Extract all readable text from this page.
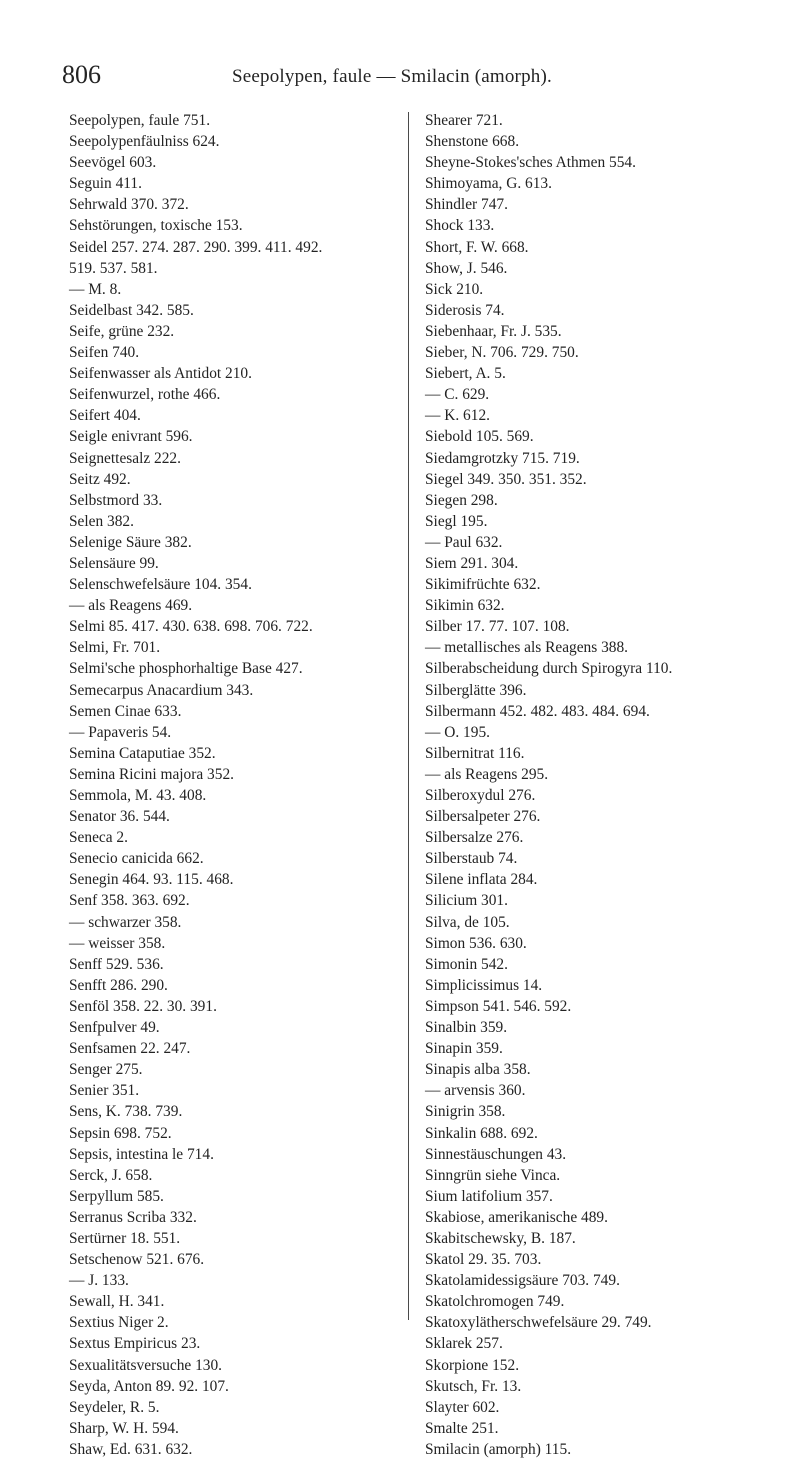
806	Seepolypen, faule — Smilacin (amorph).
Seepolypen, faule 751.
Seepolypenfäulniss 624.
Seevögel 603.
Seguin 411.
Sehrwald 370. 372.
Sehstörungen, toxische 153.
Seidel 257. 274. 287. 290. 399. 411. 492.
519. 537. 581.
— M. 8.
Seidelbast 342. 585.
Seife, grüne 232.
Seifen 740.
Seifenwasser als Antidot 210.
Seifenwurzel, rothe 466.
Seifert 404.
Seigle enivrant 596.
Seignettesalz 222.
Seitz 492.
Selbstmord 33.
Selen 382.
Selenige Säure 382.
Selensäure 99.
Selenschwefelsäure 104. 354.
— als Reagens 469.
Selmi 85. 417. 430. 638. 698. 706. 722.
Selmi, Fr. 701.
Selmi'sche phosphorhaltige Base 427.
Semecarpus Anacardium 343.
Semen Cinae 633.
— Papaveris 54.
Semina Cataputiae 352.
Semina Ricini majora 352.
Semmola, M. 43. 408.
Senator 36. 544.
Seneca 2.
Senecio canicida 662.
Senegin 464. 93. 115. 468.
Senf 358. 363. 692.
— schwarzer 358.
— weisser 358.
Senff 529. 536.
Senfft 286. 290.
Senföl 358. 22. 30. 391.
Senfpulver 49.
Senfsamen 22. 247.
Senger 275.
Senier 351.
Sens, K. 738. 739.
Sepsin 698. 752.
Sepsis, intestina le 714.
Serck, J. 658.
Serpyllum 585.
Serranus Scriba 332.
Sertürner 18. 551.
Setschenow 521. 676.
— J. 133.
Sewall, H. 341.
Sextius Niger 2.
Sextus Empiricus 23.
Sexualitätsversuche 130.
Seyda, Anton 89. 92. 107.
Seydeler, R. 5.
Sharp, W. H. 594.
Shaw, Ed. 631. 632.
Shearer 721.
Shenstone 668.
Sheyne-Stokes'sches Athmen 554.
Shimoyama, G. 613.
Shindler 747.
Shock 133.
Short, F. W. 668.
Show, J. 546.
Sick 210.
Siderosis 74.
Siebenhaar, Fr. J. 535.
Sieber, N. 706. 729. 750.
Siebert, A. 5.
— C. 629.
— K. 612.
Siebold 105. 569.
Siedamgrotzky 715. 719.
Siegel 349. 350. 351. 352.
Siegen 298.
Siegl 195.
— Paul 632.
Siem 291. 304.
Sikimifrüchte 632.
Sikimin 632.
Silber 17. 77. 107. 108.
— metallisches als Reagens 388.
Silberabscheidung durch Spirogyra 110.
Silberglätte 396.
Silbermann 452. 482. 483. 484. 694.
— O. 195.
Silbernitrat 116.
— als Reagens 295.
Silberoxydul 276.
Silbersalpeter 276.
Silbersalze 276.
Silberstaub 74.
Silene inflata 284.
Silicium 301.
Silva, de 105.
Simon 536. 630.
Simonin 542.
Simplicissimus 14.
Simpson 541. 546. 592.
Sinalbin 359.
Sinapin 359.
Sinapis alba 358.
— arvensis 360.
Sinigrin 358.
Sinkalin 688. 692.
Sinnestäuschungen 43.
Sinngrün siehe Vinca.
Sium latifolium 357.
Skabiose, amerikanische 489.
Skabitschewsky, B. 187.
Skatol 29. 35. 703.
Skatolamidessigsäure 703. 749.
Skatolchromogen 749.
Skatoxylätherschwefelsäure 29. 749.
Sklarek 257.
Skorpione 152.
Skutsch, Fr. 13.
Slayter 602.
Smalte 251.
Smilacin (amorph) 115.
